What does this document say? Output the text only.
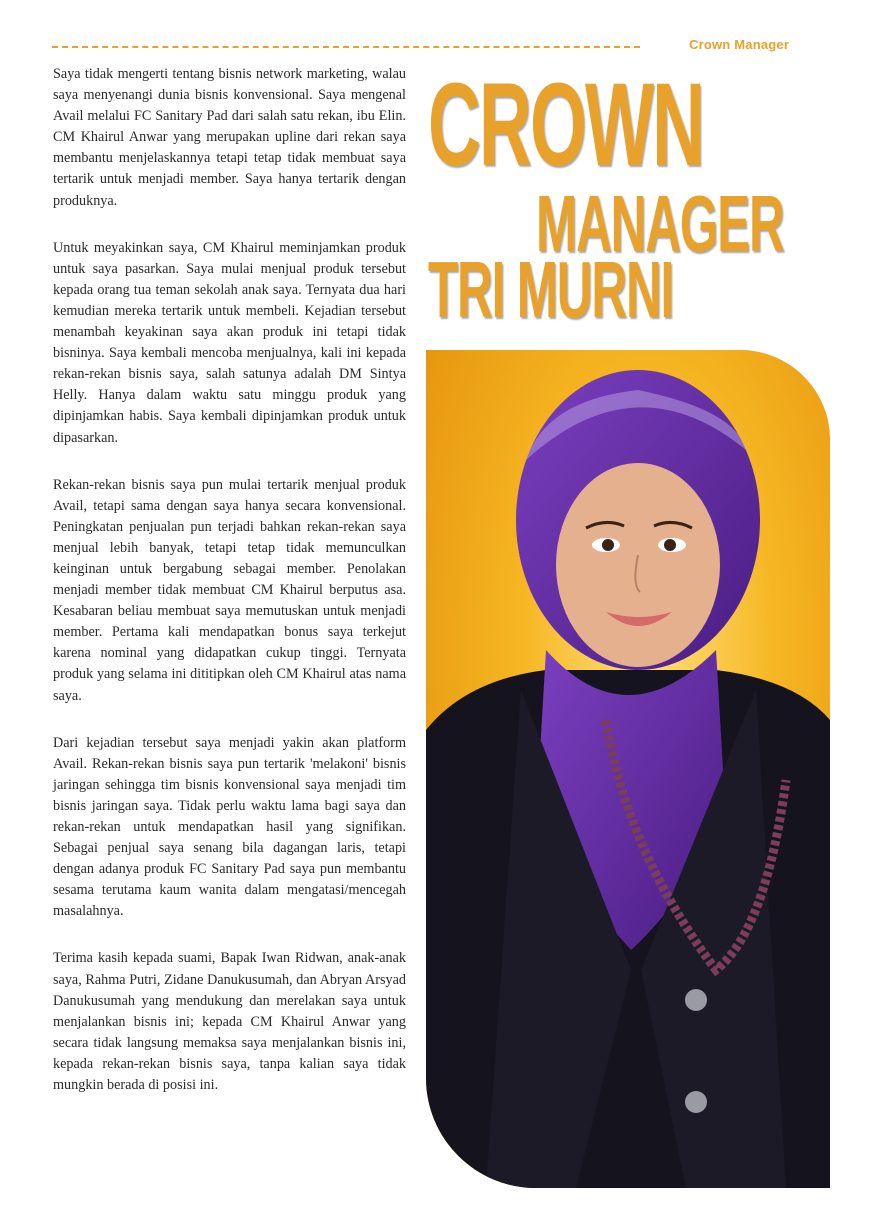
Crown Manager

Saya tidak mengerti tentang bisnis network marketing, walau saya menyenangi dunia bisnis konvensional. Saya mengenal Avail melalui FC Sanitary Pad dari salah satu rekan, ibu Elin. CM Khairul Anwar yang merupakan upline dari rekan saya membantu menjelaskannya tetapi tetap tidak membuat saya tertarik untuk menjadi member. Saya hanya tertarik dengan produknya.

Untuk meyakinkan saya, CM Khairul meminjamkan produk untuk saya pasarkan. Saya mulai menjual produk tersebut kepada orang tua teman sekolah anak saya. Ternyata dua hari kemudian mereka tertarik untuk membeli. Kejadian tersebut menambah keyakinan saya akan produk ini tetapi tidak bisninya. Saya kembali mencoba menjualnya, kali ini kepada rekan-rekan bisnis saya, salah satunya adalah DM Sintya Helly. Hanya dalam waktu satu minggu produk yang dipinjamkan habis. Saya kembali dipinjamkan produk untuk dipasarkan.

Rekan-rekan bisnis saya pun mulai tertarik menjual produk Avail, tetapi sama dengan saya hanya secara konvensional. Peningkatan penjualan pun terjadi bahkan rekan-rekan saya menjual lebih banyak, tetapi tetap tidak memunculkan keinginan untuk bergabung sebagai member. Penolakan menjadi member tidak membuat CM Khairul berputus asa. Kesabaran beliau membuat saya memutuskan untuk menjadi member. Pertama kali mendapatkan bonus saya terkejut karena nominal yang didapatkan cukup tinggi. Ternyata produk yang selama ini dititipkan oleh CM Khairul atas nama saya.

Dari kejadian tersebut saya menjadi yakin akan platform Avail. Rekan-rekan bisnis saya pun tertarik 'melakoni' bisnis jaringan sehingga tim bisnis konvensional saya menjadi tim bisnis jaringan saya. Tidak perlu waktu lama bagi saya dan rekan-rekan untuk mendapatkan hasil yang signifikan. Sebagai penjual saya senang bila dagangan laris, tetapi dengan adanya produk FC Sanitary Pad saya pun membantu sesama terutama kaum wanita dalam mengatasi/mencegah masalahnya.

Terima kasih kepada suami, Bapak Iwan Ridwan, anak-anak saya, Rahma Putri, Zidane Danukusumah, dan Abryan Arsyad Danukusumah yang mendukung dan merelakan saya untuk menjalankan bisnis ini; kepada CM Khairul Anwar yang secara tidak langsung memaksa saya menjalankan bisnis ini, kepada rekan-rekan bisnis saya, tanpa kalian saya tidak mungkin berada di posisi ini.

CROWN
MANAGER
TRI MURNI
